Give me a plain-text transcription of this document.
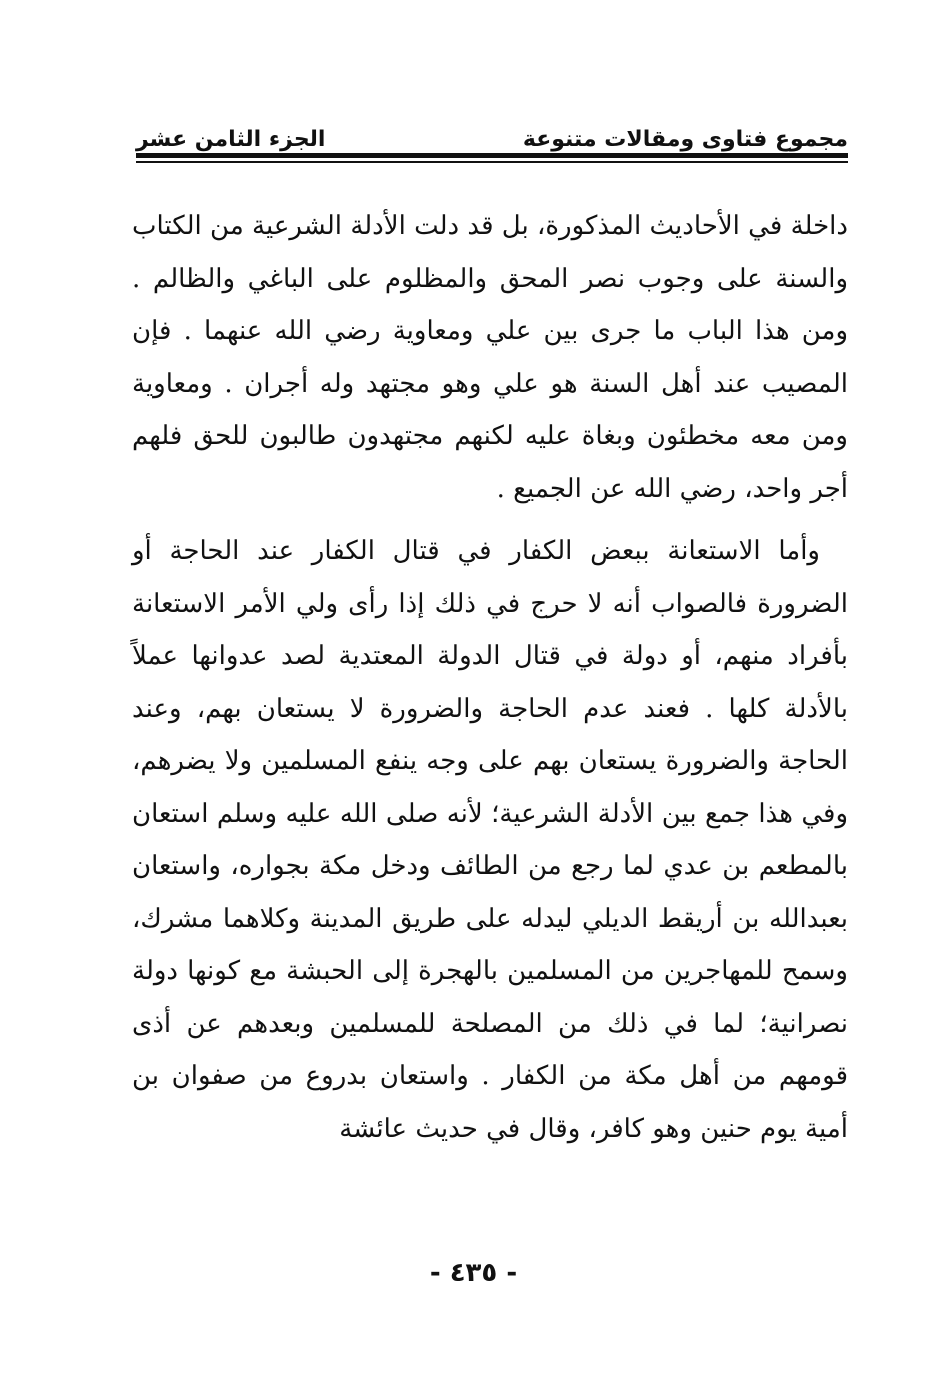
مجموع فتاوى ومقالات متنوعة
الجزء الثامن عشر

داخلة في الأحاديث المذكورة، بل قد دلت الأدلة الشرعية من الكتاب والسنة على وجوب نصر المحق والمظلوم على الباغي والظالم . ومن هذا الباب ما جرى بين علي ومعاوية رضي الله عنهما . فإن المصيب عند أهل السنة هو علي وهو مجتهد وله أجران . ومعاوية ومن معه مخطئون وبغاة عليه لكنهم مجتهدون طالبون للحق فلهم أجر واحد، رضي الله عن الجميع .

وأما الاستعانة ببعض الكفار في قتال الكفار عند الحاجة أو الضرورة فالصواب أنه لا حرج في ذلك إذا رأى ولي الأمر الاستعانة بأفراد منهم، أو دولة في قتال الدولة المعتدية لصد عدوانها عملاً بالأدلة كلها . فعند عدم الحاجة والضرورة لا يستعان بهم، وعند الحاجة والضرورة يستعان بهم على وجه ينفع المسلمين ولا يضرهم، وفي هذا جمع بين الأدلة الشرعية؛ لأنه صلى الله عليه وسلم استعان بالمطعم بن عدي لما رجع من الطائف ودخل مكة بجواره، واستعان بعبدالله بن أريقط الديلي ليدله على طريق المدينة وكلاهما مشرك، وسمح للمهاجرين من المسلمين بالهجرة إلى الحبشة مع كونها دولة نصرانية؛ لما في ذلك من المصلحة للمسلمين وبعدهم عن أذى قومهم من أهل مكة من الكفار . واستعان بدروع من صفوان بن أمية يوم حنين وهو كافر، وقال في حديث عائشة

- ٤٣٥ -
